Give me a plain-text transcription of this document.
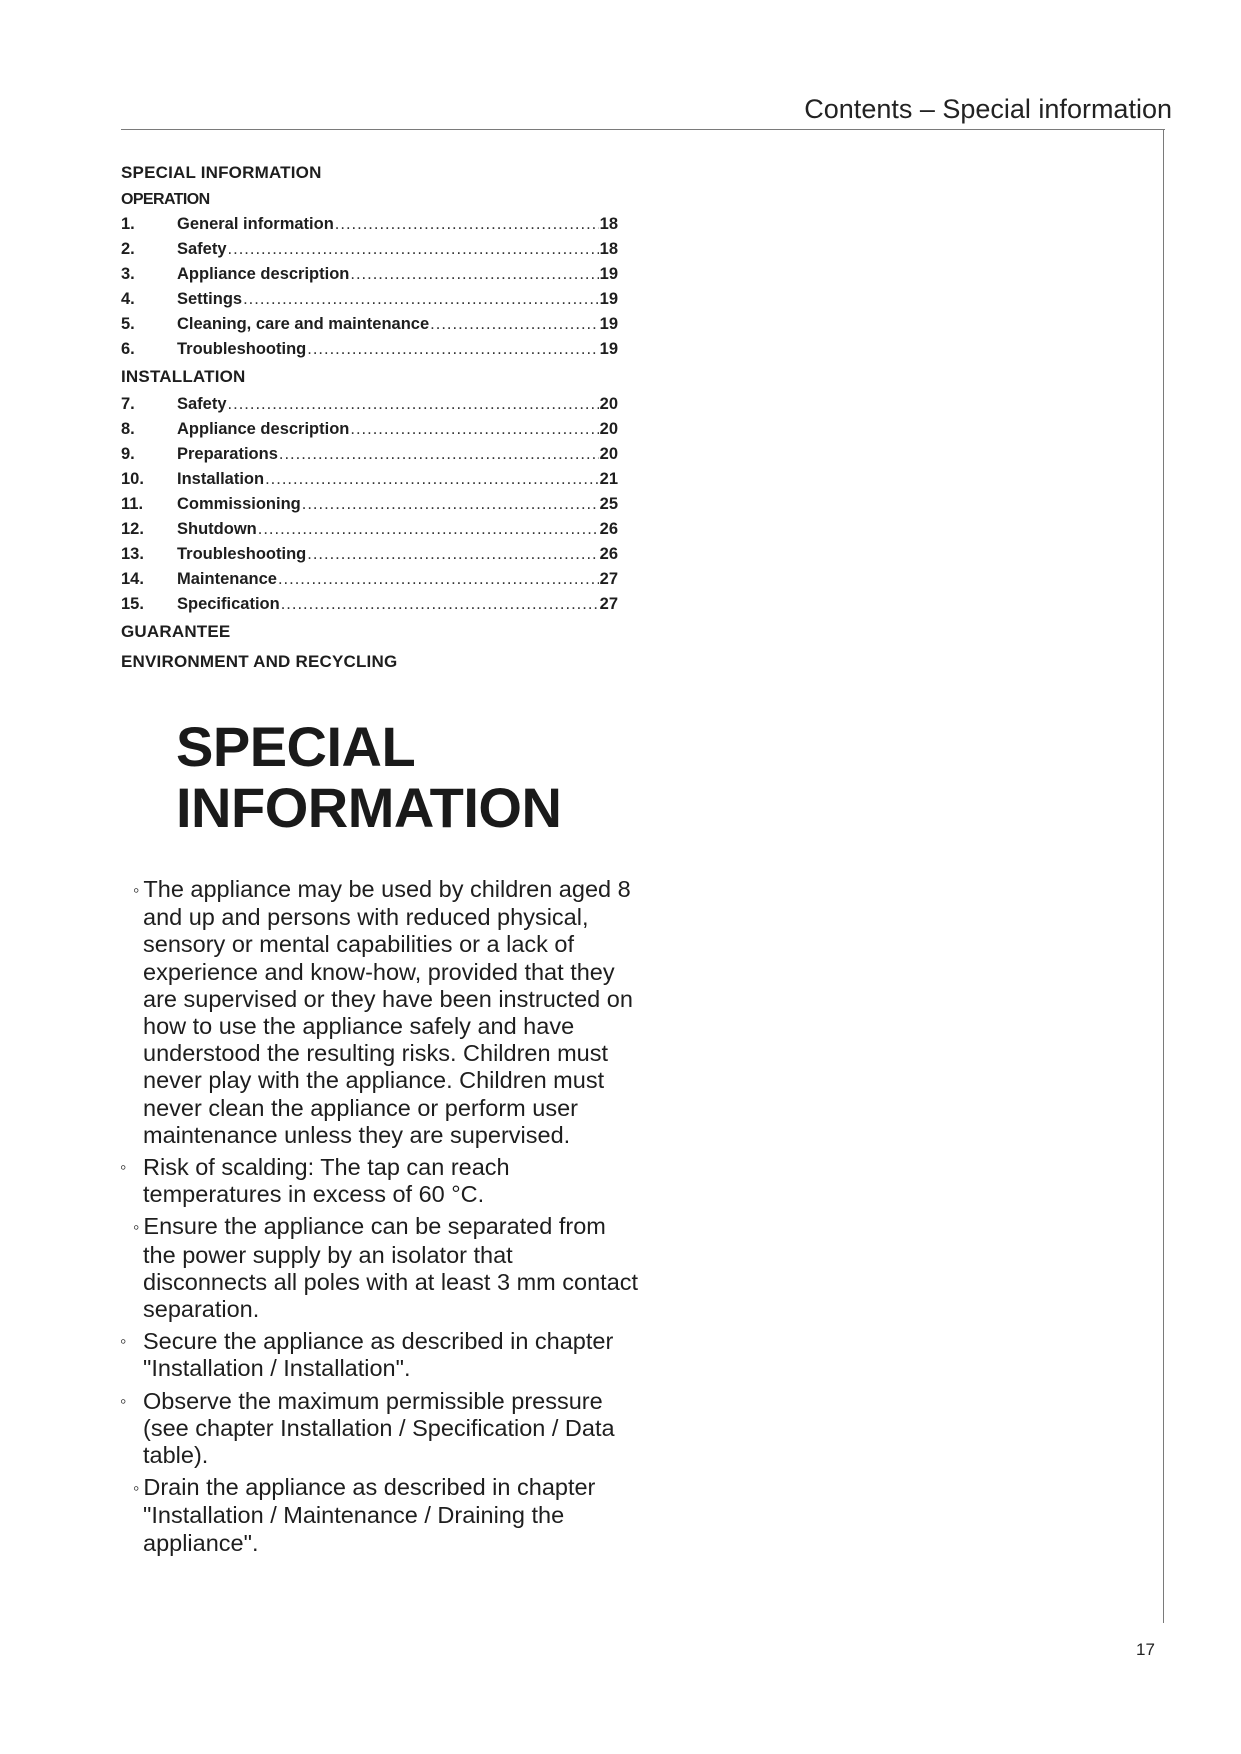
Contents – Special information
SPECIAL INFORMATION
OPERATION
1.	General information .....	18
2.	Safety .....	18
3.	Appliance description .....	19
4.	Settings .....	19
5.	Cleaning, care and maintenance .....	19
6.	Troubleshooting .....	19
INSTALLATION
7.	Safety .....	20
8.	Appliance description .....	20
9.	Preparations .....	20
10.	Installation .....	21
11.	Commissioning .....	25
12.	Shutdown .....	26
13.	Troubleshooting .....	26
14.	Maintenance .....	27
15.	Specification .....	27
GUARANTEE
ENVIRONMENT AND RECYCLING
SPECIAL
INFORMATION
◦ The appliance may be used by children aged 8 and up and persons with reduced physical, sensory or mental capabilities or a lack of experience and know-how, provided that they are supervised or they have been instructed on how to use the appliance safely and have understood the resulting risks. Children must never play with the appliance. Children must never clean the appliance or perform user maintenance unless they are supervised.
◦ Risk of scalding: The tap can reach temperatures in excess of 60 °C.
◦ Ensure the appliance can be separated from the power supply by an isolator that disconnects all poles with at least 3 mm contact separation.
◦ Secure the appliance as described in chapter "Installation / Installation".
◦ Observe the maximum permissible pressure (see chapter Installation / Specification / Data table).
◦ Drain the appliance as described in chapter "Installation / Maintenance / Draining the appliance".
17
